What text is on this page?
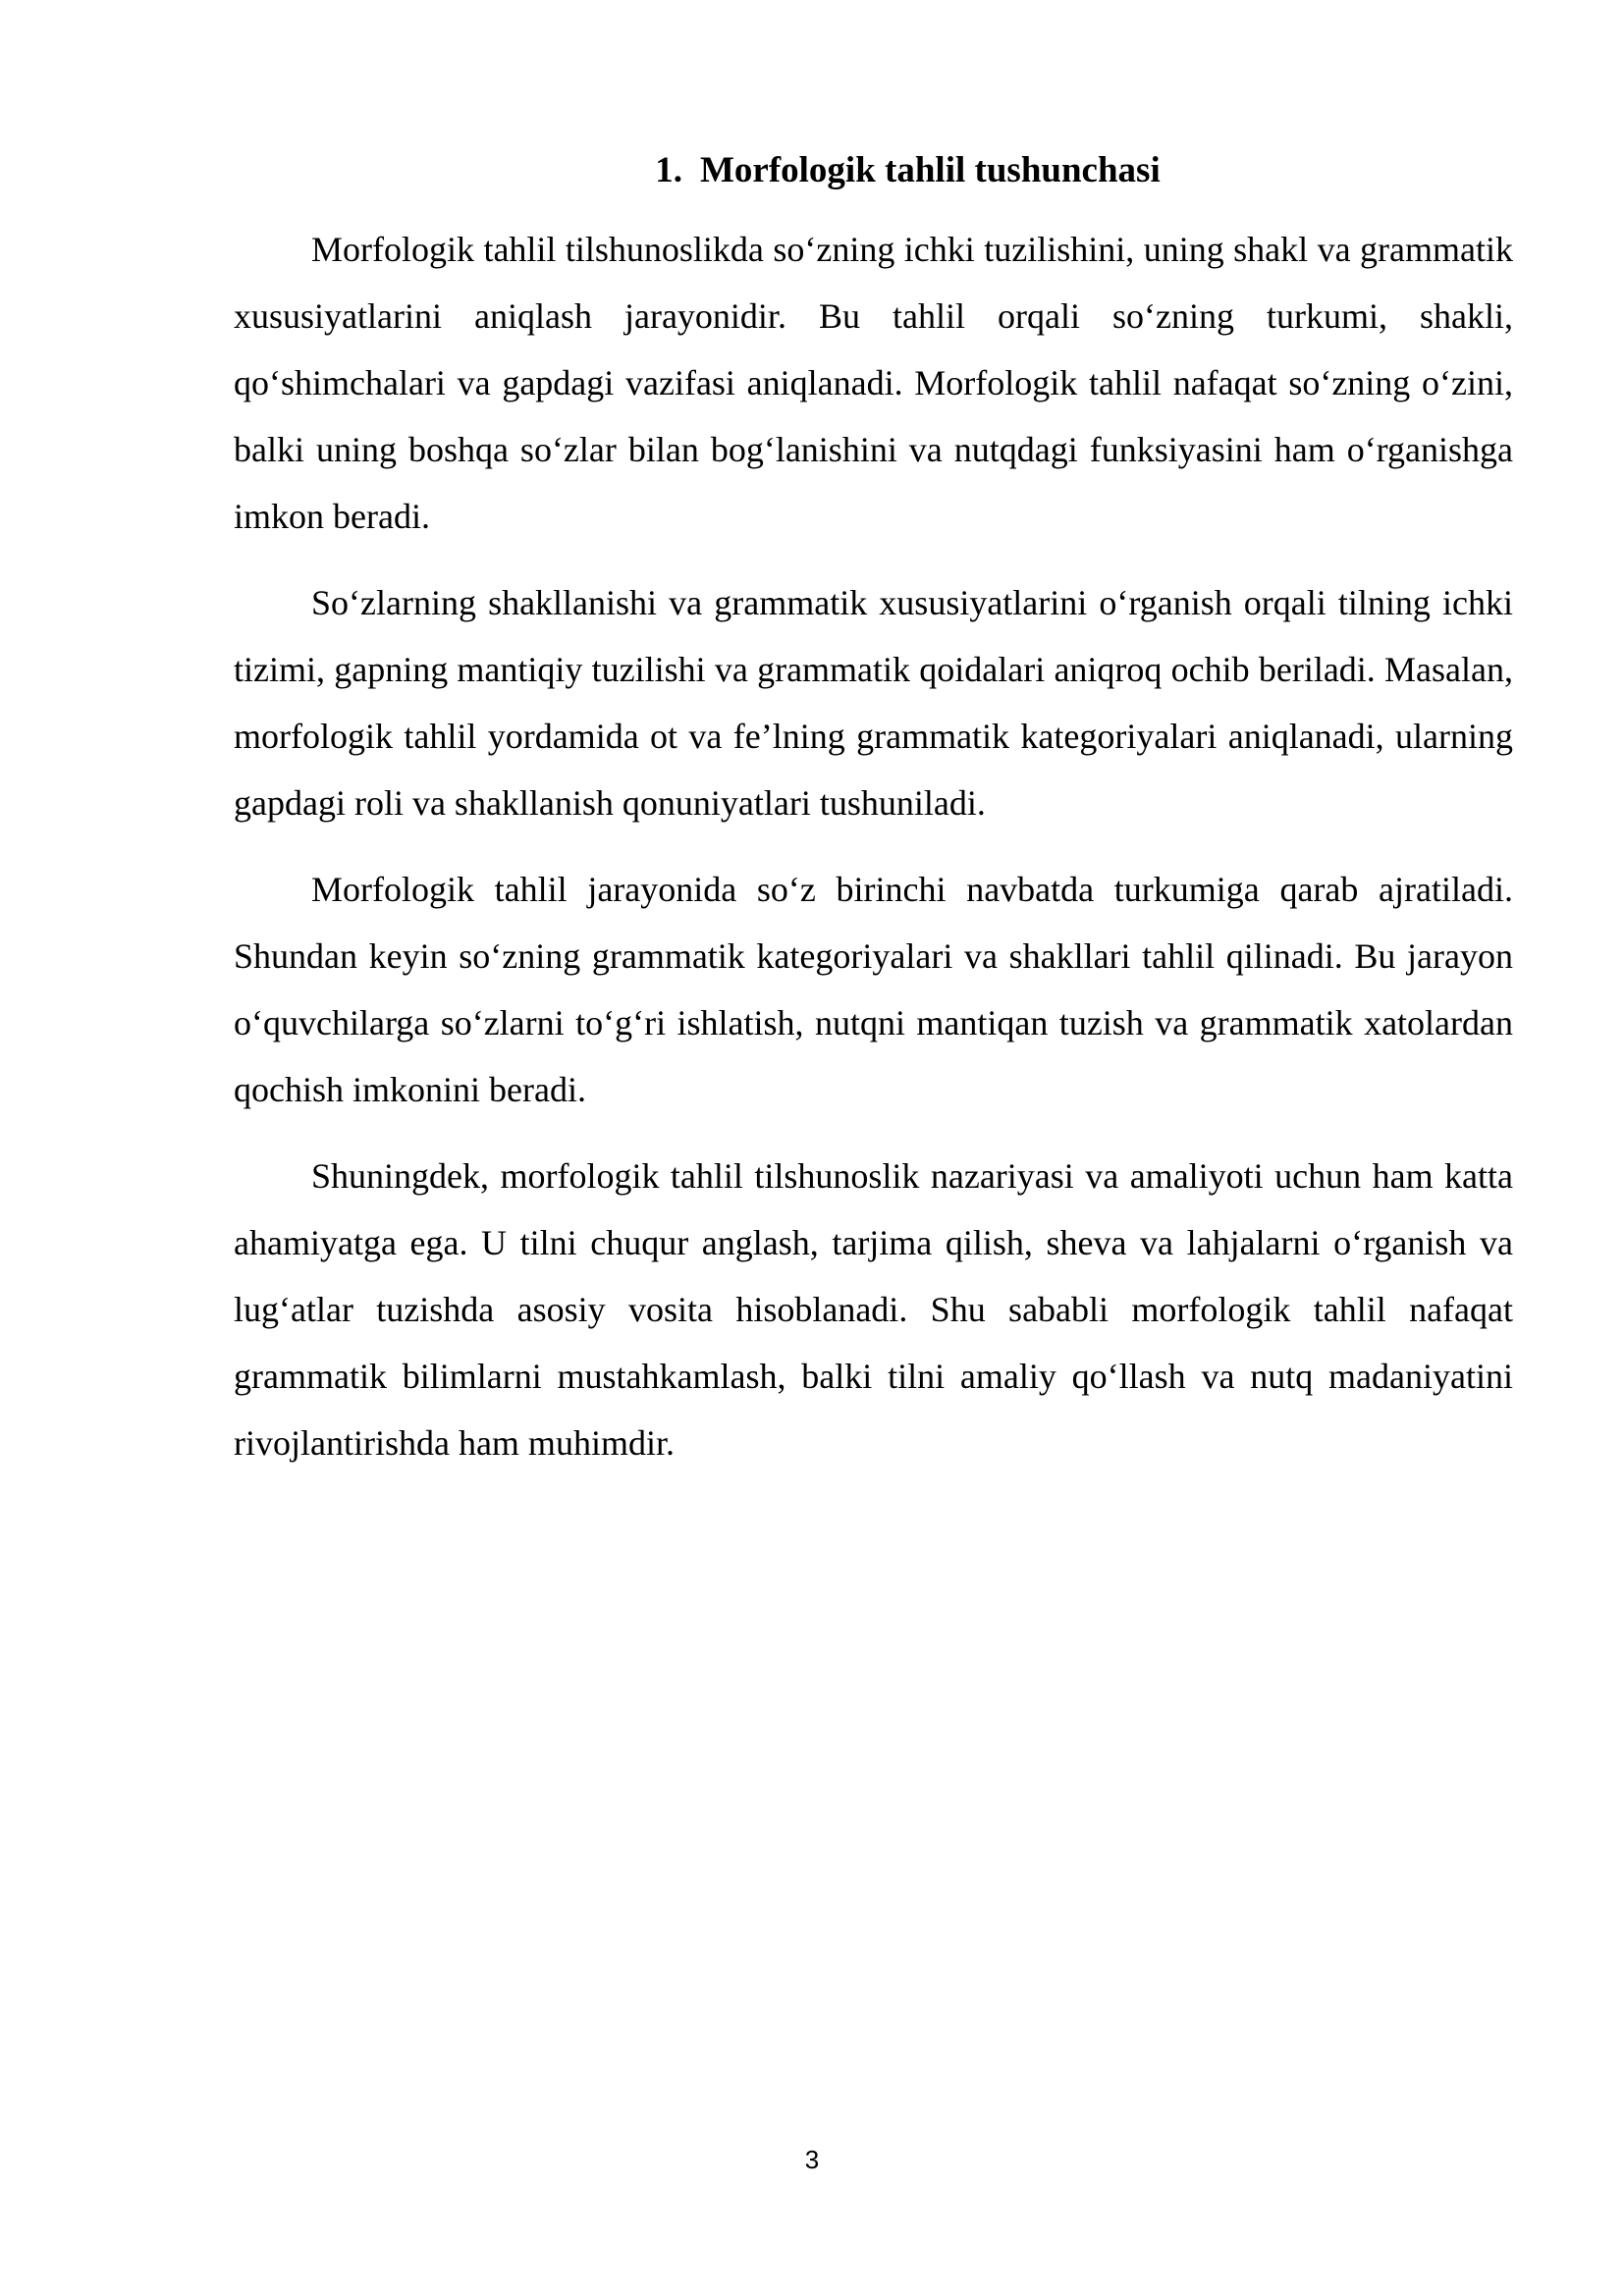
1. Morfologik tahlil tushunchasi

Morfologik tahlil tilshunoslikda so‘zning ichki tuzilishini, uning shakl va grammatik xususiyatlarini aniqlash jarayonidir. Bu tahlil orqali so‘zning turkumi, shakli, qo‘shimchalari va gapdagi vazifasi aniqlanadi. Morfologik tahlil nafaqat so‘zning o‘zini, balki uning boshqa so‘zlar bilan bog‘lanishini va nutqdagi funksiyasini ham o‘rganishga imkon beradi.

So‘zlarning shakllanishi va grammatik xususiyatlarini o‘rganish orqali tilning ichki tizimi, gapning mantiqiy tuzilishi va grammatik qoidalari aniqroq ochib beriladi. Masalan, morfologik tahlil yordamida ot va fe’lning grammatik kategoriyalari aniqlanadi, ularning gapdagi roli va shakllanish qonuniyatlari tushuniladi.

Morfologik tahlil jarayonida so‘z birinchi navbatda turkumiga qarab ajratiladi. Shundan keyin so‘zning grammatik kategoriyalari va shakllari tahlil qilinadi. Bu jarayon o‘quvchilarga so‘zlarni to‘g‘ri ishlatish, nutqni mantiqan tuzish va grammatik xatolardan qochish imkonini beradi.

Shuningdek, morfologik tahlil tilshunoslik nazariyasi va amaliyoti uchun ham katta ahamiyatga ega. U tilni chuqur anglash, tarjima qilish, sheva va lahjalarni o‘rganish va lug‘atlar tuzishda asosiy vosita hisoblanadi. Shu sababli morfologik tahlil nafaqat grammatik bilimlarni mustahkamlash, balki tilni amaliy qo‘llash va nutq madaniyatini rivojlantirishda ham muhimdir.

3
